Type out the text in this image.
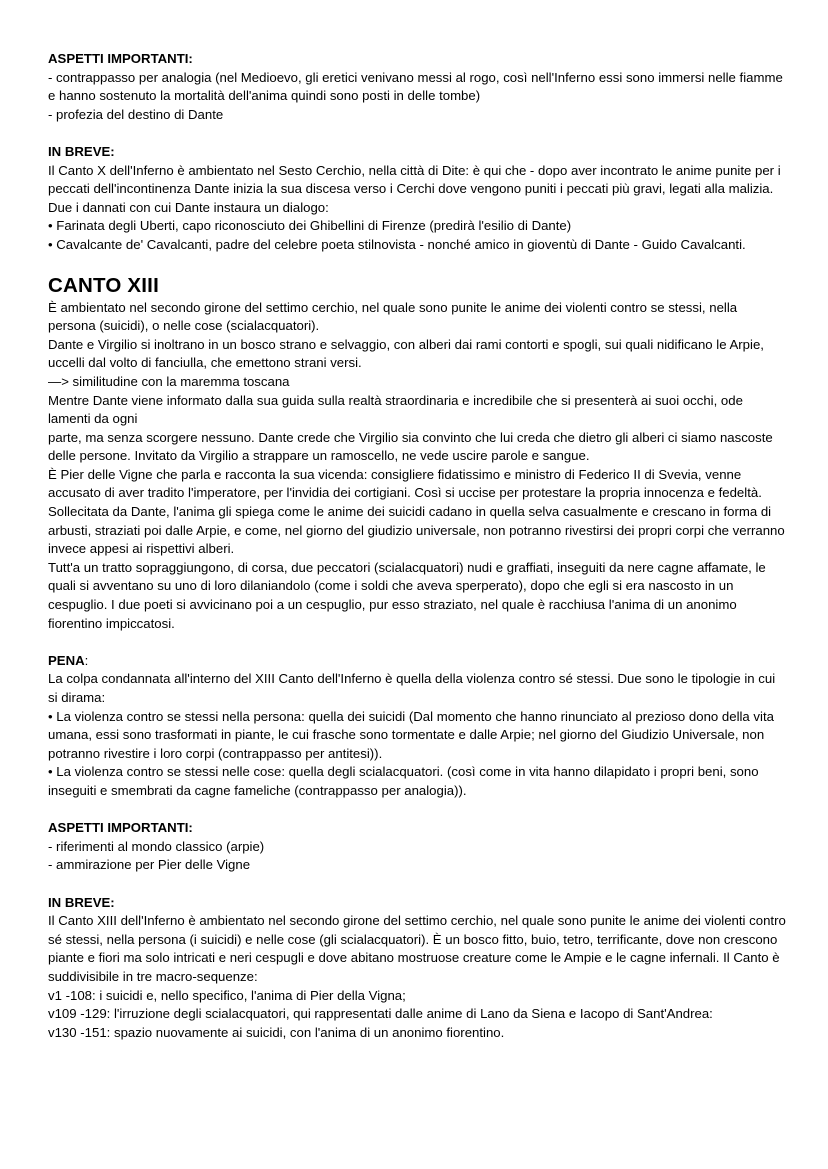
ASPETTI IMPORTANTI:

- contrappasso per analogia (nel Medioevo, gli eretici venivano messi al rogo, così nell'Inferno essi sono immersi nelle fiamme e hanno sostenuto la mortalità dell'anima quindi sono posti in delle tombe)

- profezia del destino di Dante

IN BREVE:

Il Canto X dell'Inferno è ambientato nel Sesto Cerchio, nella città di Dite: è qui che - dopo aver incontrato le anime punite per i peccati dell'incontinenza Dante inizia la sua discesa verso i Cerchi dove vengono puniti i peccati più gravi, legati alla malizia.

Due i dannati con cui Dante instaura un dialogo:

• Farinata degli Uberti, capo riconosciuto dei Ghibellini di Firenze (predirà l'esilio di Dante)

• Cavalcante de' Cavalcanti, padre del celebre poeta stilnovista - nonché amico in gioventù di Dante - Guido Cavalcanti.

CANTO XIII

È ambientato nel secondo girone del settimo cerchio, nel quale sono punite le anime dei violenti contro se stessi, nella persona (suicidi), o nelle cose (scialacquatori).

Dante e Virgilio si inoltrano in un bosco strano e selvaggio, con alberi dai rami contorti e spogli, sui quali nidificano le Arpie, uccelli dal volto di fanciulla, che emettono strani versi.

—> similitudine con la maremma toscana

Mentre Dante viene informato dalla sua guida sulla realtà straordinaria e incredibile che si presenterà ai suoi occhi, ode lamenti da ogni

parte, ma senza scorgere nessuno. Dante crede che Virgilio sia convinto che lui creda che dietro gli alberi ci siamo nascoste delle persone. Invitato da Virgilio a strappare un ramoscello, ne vede uscire parole e sangue.

È Pier delle Vigne che parla e racconta la sua vicenda: consigliere fidatissimo e ministro di Federico II di Svevia, venne accusato di aver tradito l'imperatore, per l'invidia dei cortigiani. Così si uccise per protestare la propria innocenza e fedeltà. Sollecitata da Dante, l'anima gli spiega come le anime dei suicidi cadano in quella selva casualmente e crescano in forma di arbusti, straziati poi dalle Arpie, e come, nel giorno del giudizio universale, non potranno rivestirsi dei propri corpi che verranno invece appesi ai rispettivi alberi.

Tutt'a un tratto sopraggiungono, di corsa, due peccatori (scialacquatori) nudi e graffiati, inseguiti da nere cagne affamate, le quali si avventano su uno di loro dilaniandolo (come i soldi che aveva sperperato), dopo che egli si era nascosto in un cespuglio. I due poeti si avvicinano poi a un cespuglio, pur esso straziato, nel quale è racchiusa l'anima di un anonimo fiorentino impiccatosi.

PENA:

La colpa condannata all'interno del XIII Canto dell'Inferno è quella della violenza contro sé stessi. Due sono le tipologie in cui si dirama:

• La violenza contro se stessi nella persona: quella dei suicidi (Dal momento che hanno rinunciato al prezioso dono della vita umana, essi sono trasformati in piante, le cui frasche sono tormentate e dalle Arpie; nel giorno del Giudizio Universale, non potranno rivestire i loro corpi (contrappasso per antitesi)).

• La violenza contro se stessi nelle cose: quella degli scialacquatori. (così come in vita hanno dilapidato i propri beni, sono inseguiti e smembrati da cagne fameliche (contrappasso per analogia)).

ASPETTI IMPORTANTI:

- riferimenti al mondo classico (arpie)

- ammirazione per Pier delle Vigne

IN BREVE:

Il Canto XIII dell'Inferno è ambientato nel secondo girone del settimo cerchio, nel quale sono punite le anime dei violenti contro sé stessi, nella persona (i suicidi) e nelle cose (gli scialacquatori). È un bosco fitto, buio, tetro, terrificante, dove non crescono piante e fiori ma solo intricati e neri cespugli e dove abitano mostruose creature come le Ampie e le cagne infernali. Il Canto è suddivisibile in tre macro-sequenze:

v1 -108: i suicidi e, nello specifico, l'anima di Pier della Vigna;

v109 -129: l'irruzione degli scialacquatori, qui rappresentati dalle anime di Lano da Siena e Iacopo di Sant'Andrea:

v130 -151: spazio nuovamente ai suicidi, con l'anima di un anonimo fiorentino.
